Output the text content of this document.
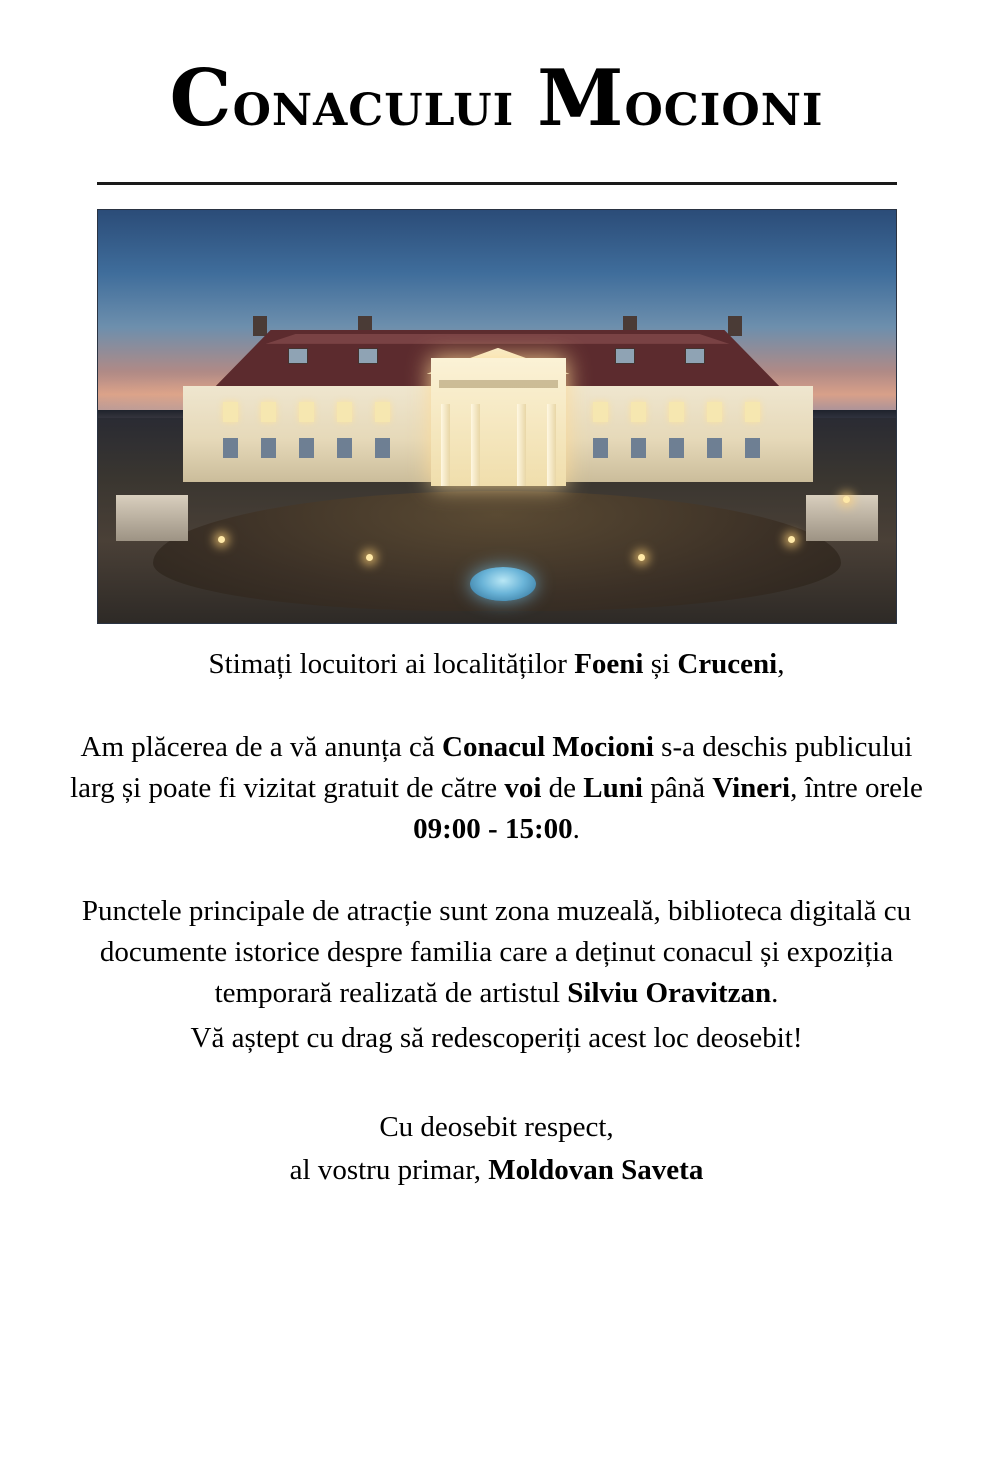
Conacului Mocioni

Stimați locuitori ai localităților Foeni și Cruceni,

Am plăcerea de a vă anunța că Conacul Mocioni s-a deschis publicului larg și poate fi vizitat gratuit de către voi de Luni până Vineri, între orele 09:00 - 15:00.

Punctele principale de atracție sunt zona muzeală, biblioteca digitală cu documente istorice despre familia care a deținut conacul și expoziția temporară realizată de artistul Silviu Oravitzan.

Vă aștept cu drag să redescoperiți acest loc deosebit!

Cu deosebit respect,

al vostru primar, Moldovan Saveta
